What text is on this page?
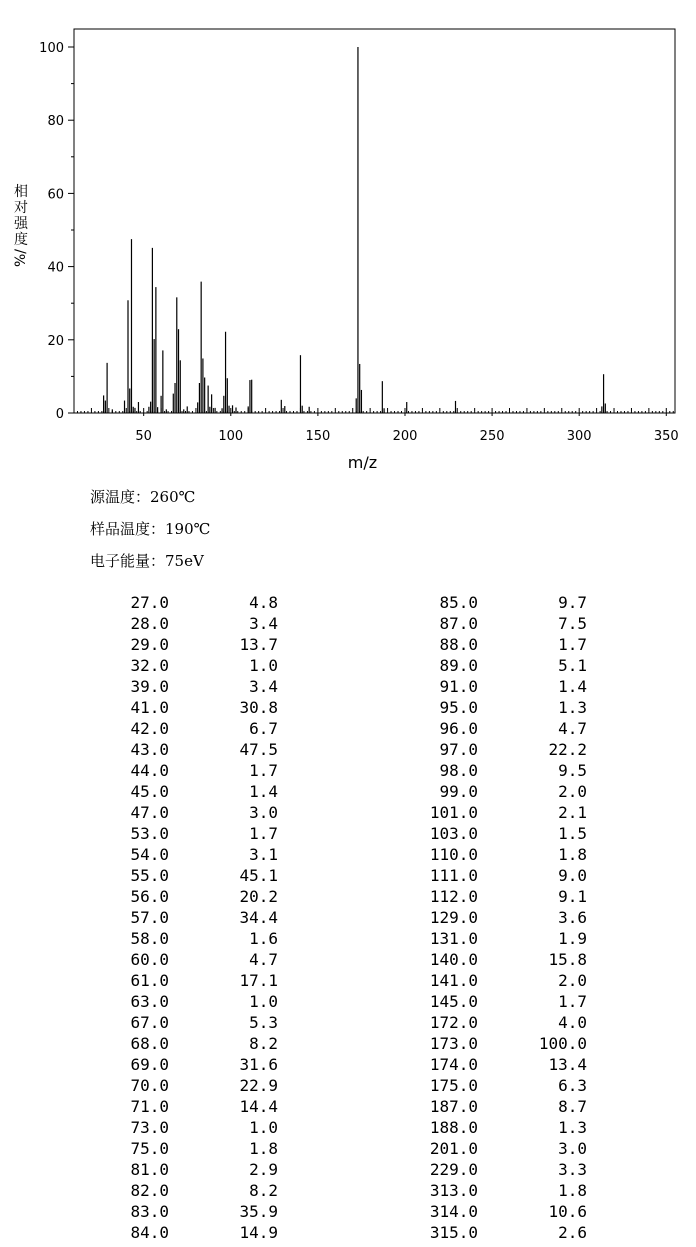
0
20
40
60
80
100
50	100	150	200	250	300	350
m/z
相
对
强
度
%/
源温度：260℃
样品温度：190℃
电子能量：75eV
27.0	4.8	85.0	9.7
28.0	3.4	87.0	7.5
29.0	13.7	88.0	1.7
32.0	1.0	89.0	5.1
39.0	3.4	91.0	1.4
41.0	30.8	95.0	1.3
42.0	6.7	96.0	4.7
43.0	47.5	97.0	22.2
44.0	1.7	98.0	9.5
45.0	1.4	99.0	2.0
47.0	3.0	101.0	2.1
53.0	1.7	103.0	1.5
54.0	3.1	110.0	1.8
55.0	45.1	111.0	9.0
56.0	20.2	112.0	9.1
57.0	34.4	129.0	3.6
58.0	1.6	131.0	1.9
60.0	4.7	140.0	15.8
61.0	17.1	141.0	2.0
63.0	1.0	145.0	1.7
67.0	5.3	172.0	4.0
68.0	8.2	173.0	100.0
69.0	31.6	174.0	13.4
70.0	22.9	175.0	6.3
71.0	14.4	187.0	8.7
73.0	1.0	188.0	1.3
75.0	1.8	201.0	3.0
81.0	2.9	229.0	3.3
82.0	8.2	313.0	1.8
83.0	35.9	314.0	10.6
84.0	14.9	315.0	2.6
